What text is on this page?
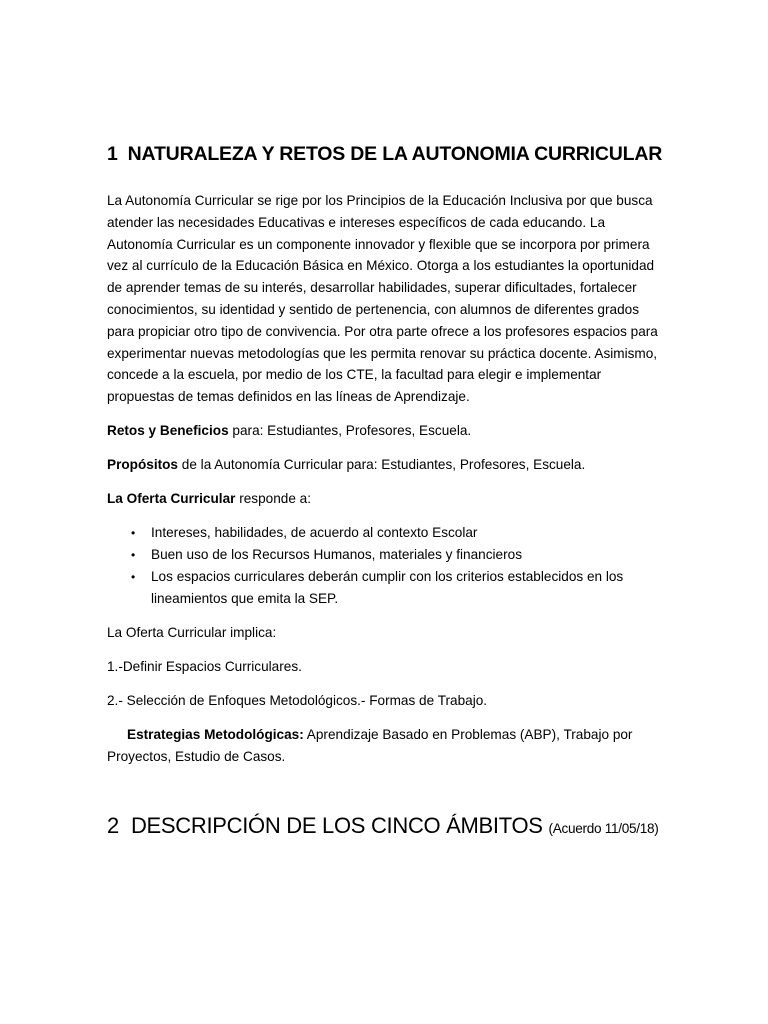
1 NATURALEZA Y RETOS DE LA AUTONOMIA CURRICULAR

La Autonomía Curricular se rige por los Principios de la Educación Inclusiva por que busca atender las necesidades Educativas e intereses específicos de cada educando. La Autonomía Curricular es un componente innovador y flexible que se incorpora por primera vez al currículo de la Educación Básica en México. Otorga a los estudiantes la oportunidad de aprender temas de su interés, desarrollar habilidades, superar dificultades, fortalecer conocimientos, su identidad y sentido de pertenencia, con alumnos de diferentes grados para propiciar otro tipo de convivencia. Por otra parte ofrece a los profesores espacios para experimentar nuevas metodologías que les permita renovar su práctica docente. Asimismo, concede a la escuela, por medio de los CTE, la facultad para elegir e implementar propuestas de temas definidos en las líneas de Aprendizaje.

Retos y Beneficios para: Estudiantes, Profesores, Escuela.

Propósitos de la Autonomía Curricular para: Estudiantes, Profesores, Escuela.

La Oferta Curricular responde a:

• Intereses, habilidades, de acuerdo al contexto Escolar
• Buen uso de los Recursos Humanos, materiales y financieros
• Los espacios curriculares deberán cumplir con los criterios establecidos en los lineamientos que emita la SEP.

La Oferta Curricular implica:

1.-Definir Espacios Curriculares.

2.- Selección de Enfoques Metodológicos.- Formas de Trabajo.

Estrategias Metodológicas: Aprendizaje Basado en Problemas (ABP), Trabajo por Proyectos, Estudio de Casos.

2 DESCRIPCIÓN DE LOS CINCO ÁMBITOS (Acuerdo 11/05/18)
